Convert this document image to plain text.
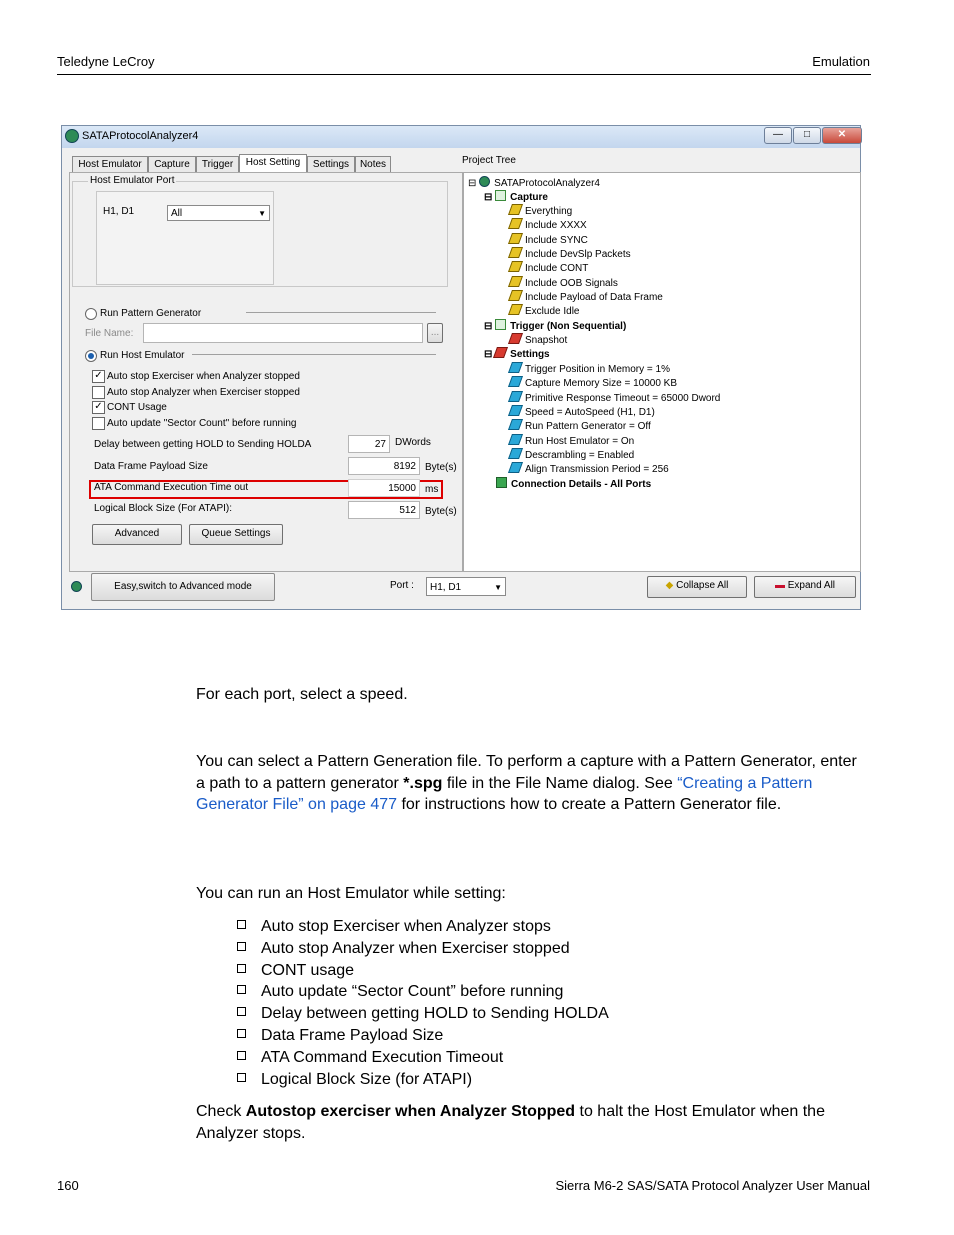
Teledyne LeCroy	Emulation
SATAProtocolAnalyzer4	—	□	✕
Host Emulator	Capture	Trigger	Host Setting	Settings	Notes
Host Emulator Port
H1, D1	All	▼
Run Pattern Generator
File Name:	...
Run Host Emulator
✓ Auto stop Exerciser when Analyzer stopped
Auto stop Analyzer when Exerciser stopped
✓ CONT Usage
Auto update "Sector Count" before running
Delay between getting HOLD to Sending HOLDA	27 DWords
Data Frame Payload Size	8192 Byte(s)
ATA Command Execution Time out	15000 ms
Logical Block Size (For ATAPI):	512 Byte(s)
Advanced	Queue Settings
Project Tree
⊟ SATAProtocolAnalyzer4
⊟ Capture
Everything
Include XXXX
Include SYNC
Include DevSlp Packets
Include CONT
Include OOB Signals
Include Payload of Data Frame
Exclude Idle
⊟ Trigger (Non Sequential)
Snapshot
⊟ Settings
Trigger Position in Memory = 1%
Capture Memory Size = 10000 KB
Primitive Response Timeout = 65000 Dword
Speed = AutoSpeed (H1, D1)
Run Pattern Generator = Off
Run Host Emulator = On
Descrambling = Enabled
Align Transmission Period = 256
Connection Details - All Ports
Easy,switch to Advanced mode	Port :	H1, D1	▼	◆ Collapse All	▬ Expand All
For each port, select a speed.
You can select a Pattern Generation file. To perform a capture with a Pattern Generator, enter a path to a pattern generator *.spg file in the File Name dialog. See “Creating a Pattern Generator File” on page 477 for instructions how to create a Pattern Generator file.
You can run an Host Emulator while setting:
Auto stop Exerciser when Analyzer stops
Auto stop Analyzer when Exerciser stopped
CONT usage
Auto update “Sector Count” before running
Delay between getting HOLD to Sending HOLDA
Data Frame Payload Size
ATA Command Execution Timeout
Logical Block Size (for ATAPI)
Check Autostop exerciser when Analyzer Stopped to halt the Host Emulator when the Analyzer stops.
160	Sierra M6-2 SAS/SATA Protocol Analyzer User Manual
